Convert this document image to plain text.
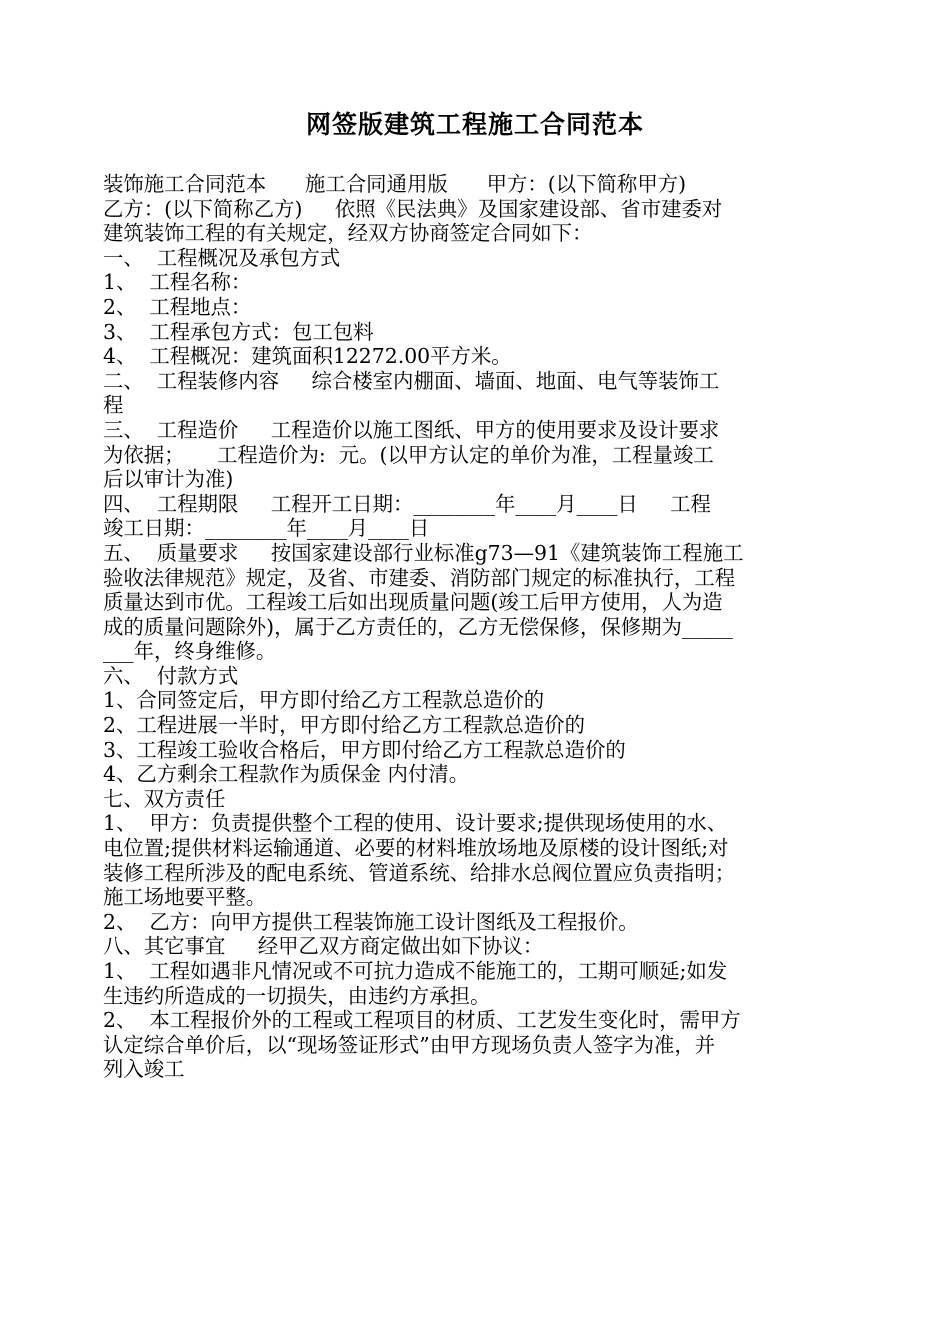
网签版建筑工程施工合同范本
装饰施工合同范本      施工合同通用版      甲方：(以下简称甲方)
乙方：(以下简称乙方)     依照《民法典》及国家建设部、省市建委对
建筑装饰工程的有关规定，经双方协商签定合同如下：
一、  工程概况及承包方式
1、  工程名称：
2、  工程地点：
3、  工程承包方式：包工包料
4、  工程概况：建筑面积12272.00平方米。
二、  工程装修内容     综合楼室内棚面、墙面、地面、电气等装饰工
程
三、  工程造价     工程造价以施工图纸、甲方的使用要求及设计要求
为依据；     工程造价为:  元。(以甲方认定的单价为准，工程量竣工
后以审计为准)
四、  工程期限     工程开工日期：________年____月____日     工程
竣工日期：________年____月____日
五、  质量要求     按国家建设部行业标准g73—91《建筑装饰工程施工
验收法律规范》规定，及省、市建委、消防部门规定的标准执行，工程
质量达到市优。工程竣工后如出现质量问题(竣工后甲方使用，人为造
成的质量问题除外)，属于乙方责任的，乙方无偿保修，保修期为_____
___年，终身维修。
六、  付款方式
1、合同签定后，甲方即付给乙方工程款总造价的
2、工程进展一半时，甲方即付给乙方工程款总造价的
3、工程竣工验收合格后，甲方即付给乙方工程款总造价的
4、乙方剩余工程款作为质保金 内付清。
七、双方责任
1、  甲方：负责提供整个工程的使用、设计要求;提供现场使用的水、
电位置;提供材料运输通道、必要的材料堆放场地及原楼的设计图纸;对
装修工程所涉及的配电系统、管道系统、给排水总阀位置应负责指明；
施工场地要平整。
2、  乙方：向甲方提供工程装饰施工设计图纸及工程报价。
八、其它事宜     经甲乙双方商定做出如下协议：
1、  工程如遇非凡情况或不可抗力造成不能施工的，工期可顺延;如发
生违约所造成的一切损失，由违约方承担。
2、  本工程报价外的工程或工程项目的材质、工艺发生变化时，需甲方
认定综合单价后，以“现场签证形式”由甲方现场负责人签字为准，并
列入竣工
